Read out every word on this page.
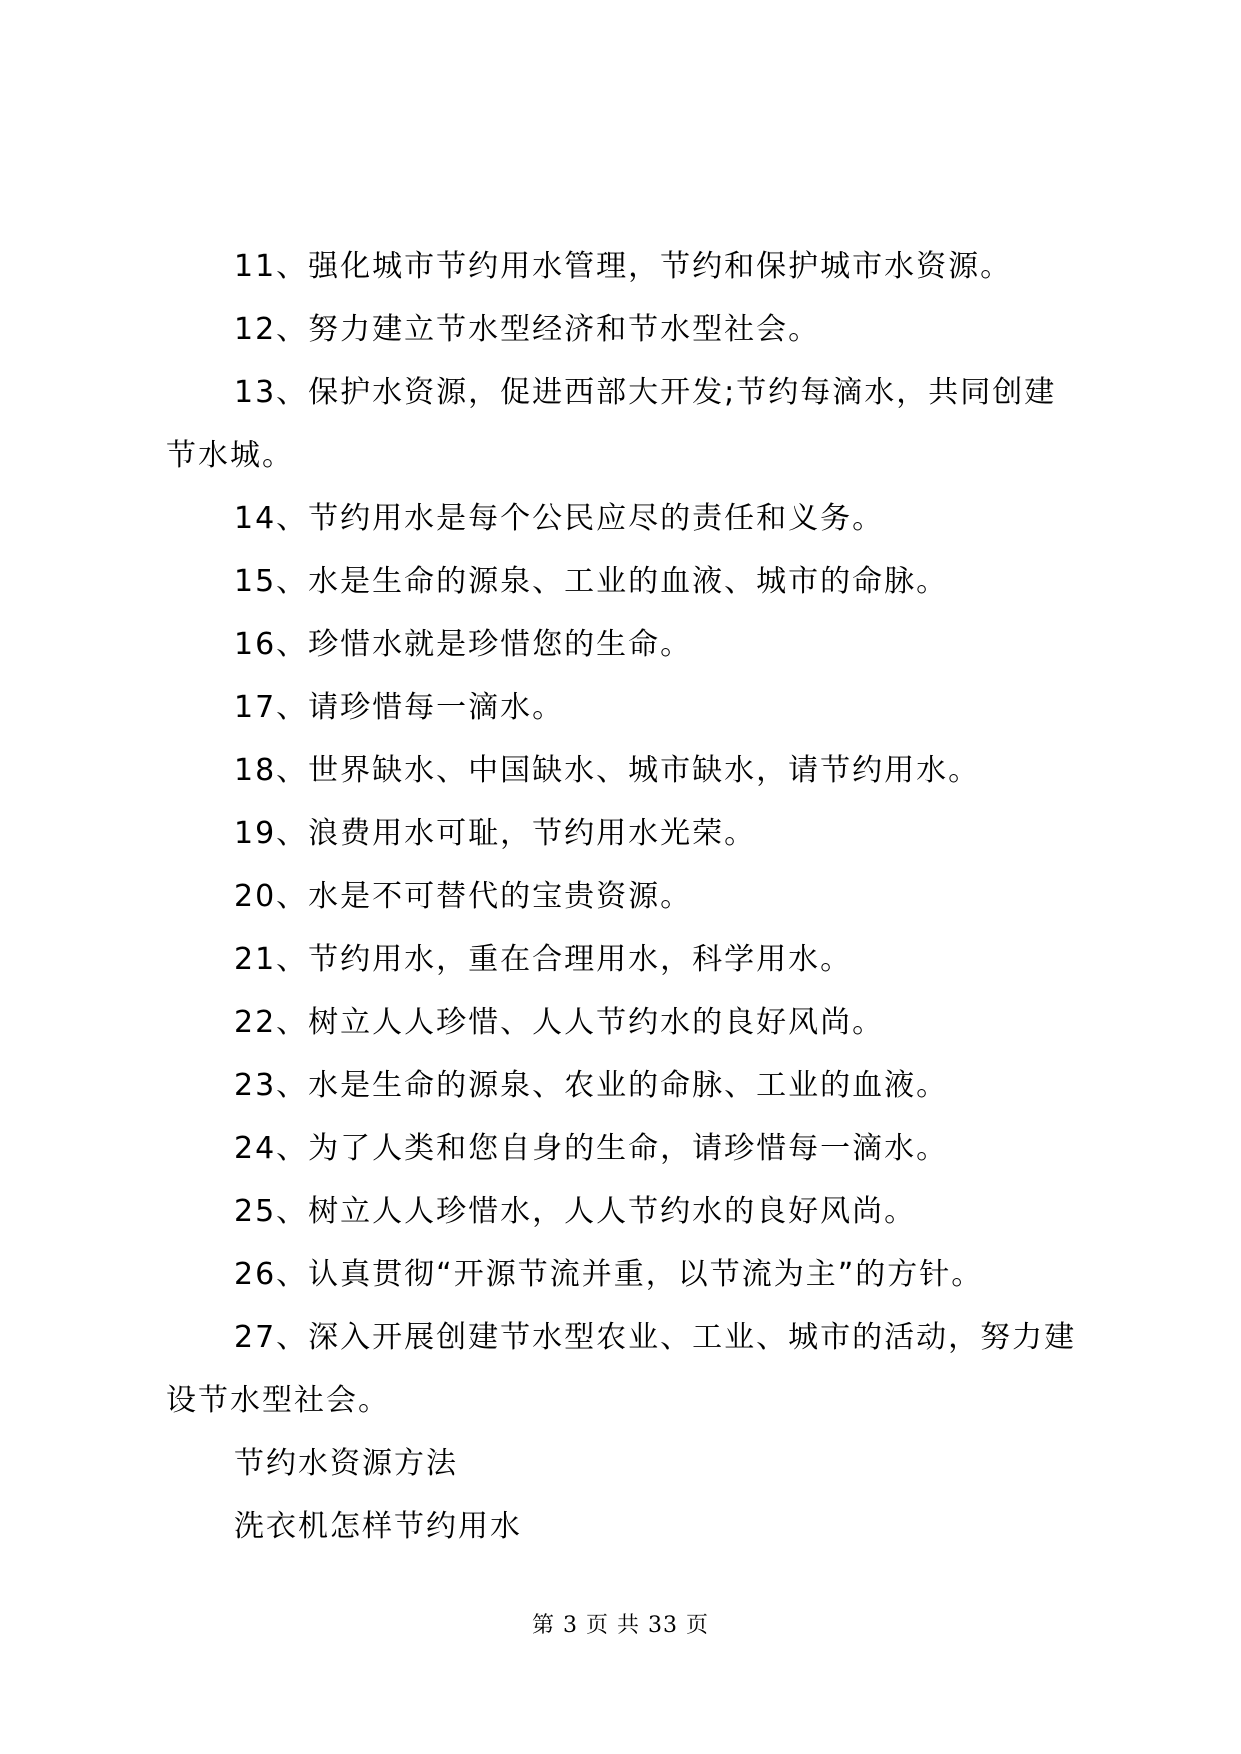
11、强化城市节约用水管理，节约和保护城市水资源。

12、努力建立节水型经济和节水型社会。

13、保护水资源，促进西部大开发;节约每滴水，共同创建节水城。

14、节约用水是每个公民应尽的责任和义务。

15、水是生命的源泉、工业的血液、城市的命脉。

16、珍惜水就是珍惜您的生命。

17、请珍惜每一滴水。

18、世界缺水、中国缺水、城市缺水，请节约用水。

19、浪费用水可耻，节约用水光荣。

20、水是不可替代的宝贵资源。

21、节约用水，重在合理用水，科学用水。

22、树立人人珍惜、人人节约水的良好风尚。

23、水是生命的源泉、农业的命脉、工业的血液。

24、为了人类和您自身的生命，请珍惜每一滴水。

25、树立人人珍惜水，人人节约水的良好风尚。

26、认真贯彻“开源节流并重，以节流为主”的方针。

27、深入开展创建节水型农业、工业、城市的活动，努力建设节水型社会。

节约水资源方法

洗衣机怎样节约用水

第 3 页 共 33 页
